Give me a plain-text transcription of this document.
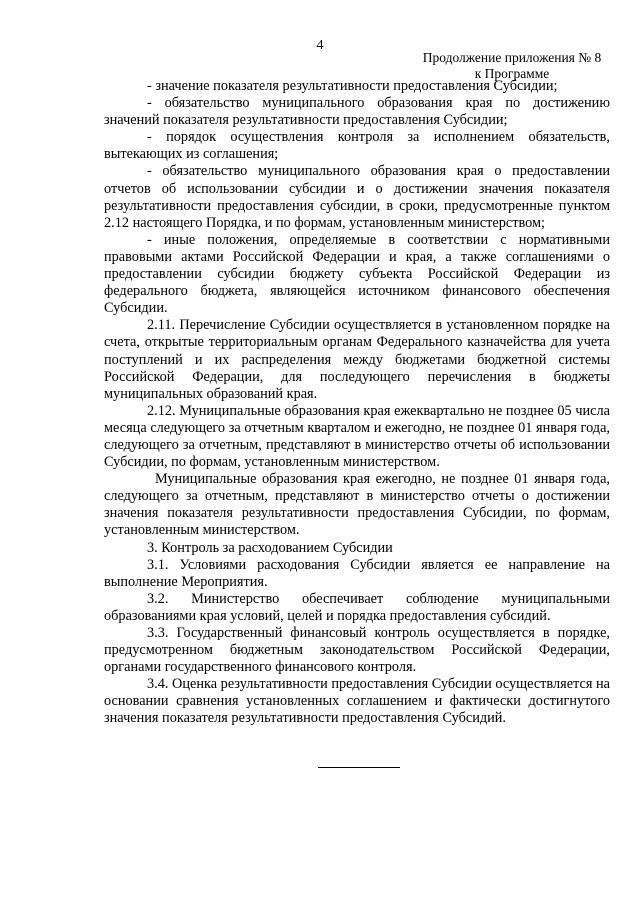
4
Продолжение приложения № 8
к Программе

- значение показателя результативности предоставления Субсидии;

- обязательство муниципального образования края по достижению значений показателя результативности предоставления Субсидии;

- порядок осуществления контроля за исполнением обязательств, вытекающих из соглашения;

- обязательство муниципального образования края о предоставлении отчетов об использовании субсидии и о достижении значения показателя результативности предоставления субсидии, в сроки, предусмотренные пунктом 2.12 настоящего Порядка, и по формам, установленным министерством;

- иные положения, определяемые в соответствии с нормативными правовыми актами Российской Федерации и края, а также соглашениями о предоставлении субсидии бюджету субъекта Российской Федерации из федерального бюджета, являющейся источником финансового обеспечения Субсидии.

2.11. Перечисление Субсидии осуществляется в установленном порядке на счета, открытые территориальным органам Федерального казначейства для учета поступлений и их распределения между бюджетами бюджетной системы Российской Федерации, для последующего перечисления в бюджеты муниципальных образований края.

2.12. Муниципальные образования края ежеквартально не позднее 05 числа месяца следующего за отчетным кварталом и ежегодно, не позднее 01 января года, следующего за отчетным, представляют в министерство отчеты об использовании Субсидии, по формам, установленным министерством.

Муниципальные образования края ежегодно, не позднее 01 января года, следующего за отчетным, представляют в министерство отчеты о достижении значения показателя результативности предоставления Субсидии, по формам, установленным министерством.

3. Контроль за расходованием Субсидии

3.1. Условиями расходования Субсидии является ее направление на выполнение Мероприятия.

3.2. Министерство обеспечивает соблюдение муниципальными образованиями края условий, целей и порядка предоставления субсидий.

3.3. Государственный финансовый контроль осуществляется в порядке, предусмотренном бюджетным законодательством Российской Федерации, органами государственного финансового контроля.

3.4. Оценка результативности предоставления Субсидии осуществляется на основании сравнения установленных соглашением и фактически достигнутого значения показателя результативности предоставления Субсидий.
